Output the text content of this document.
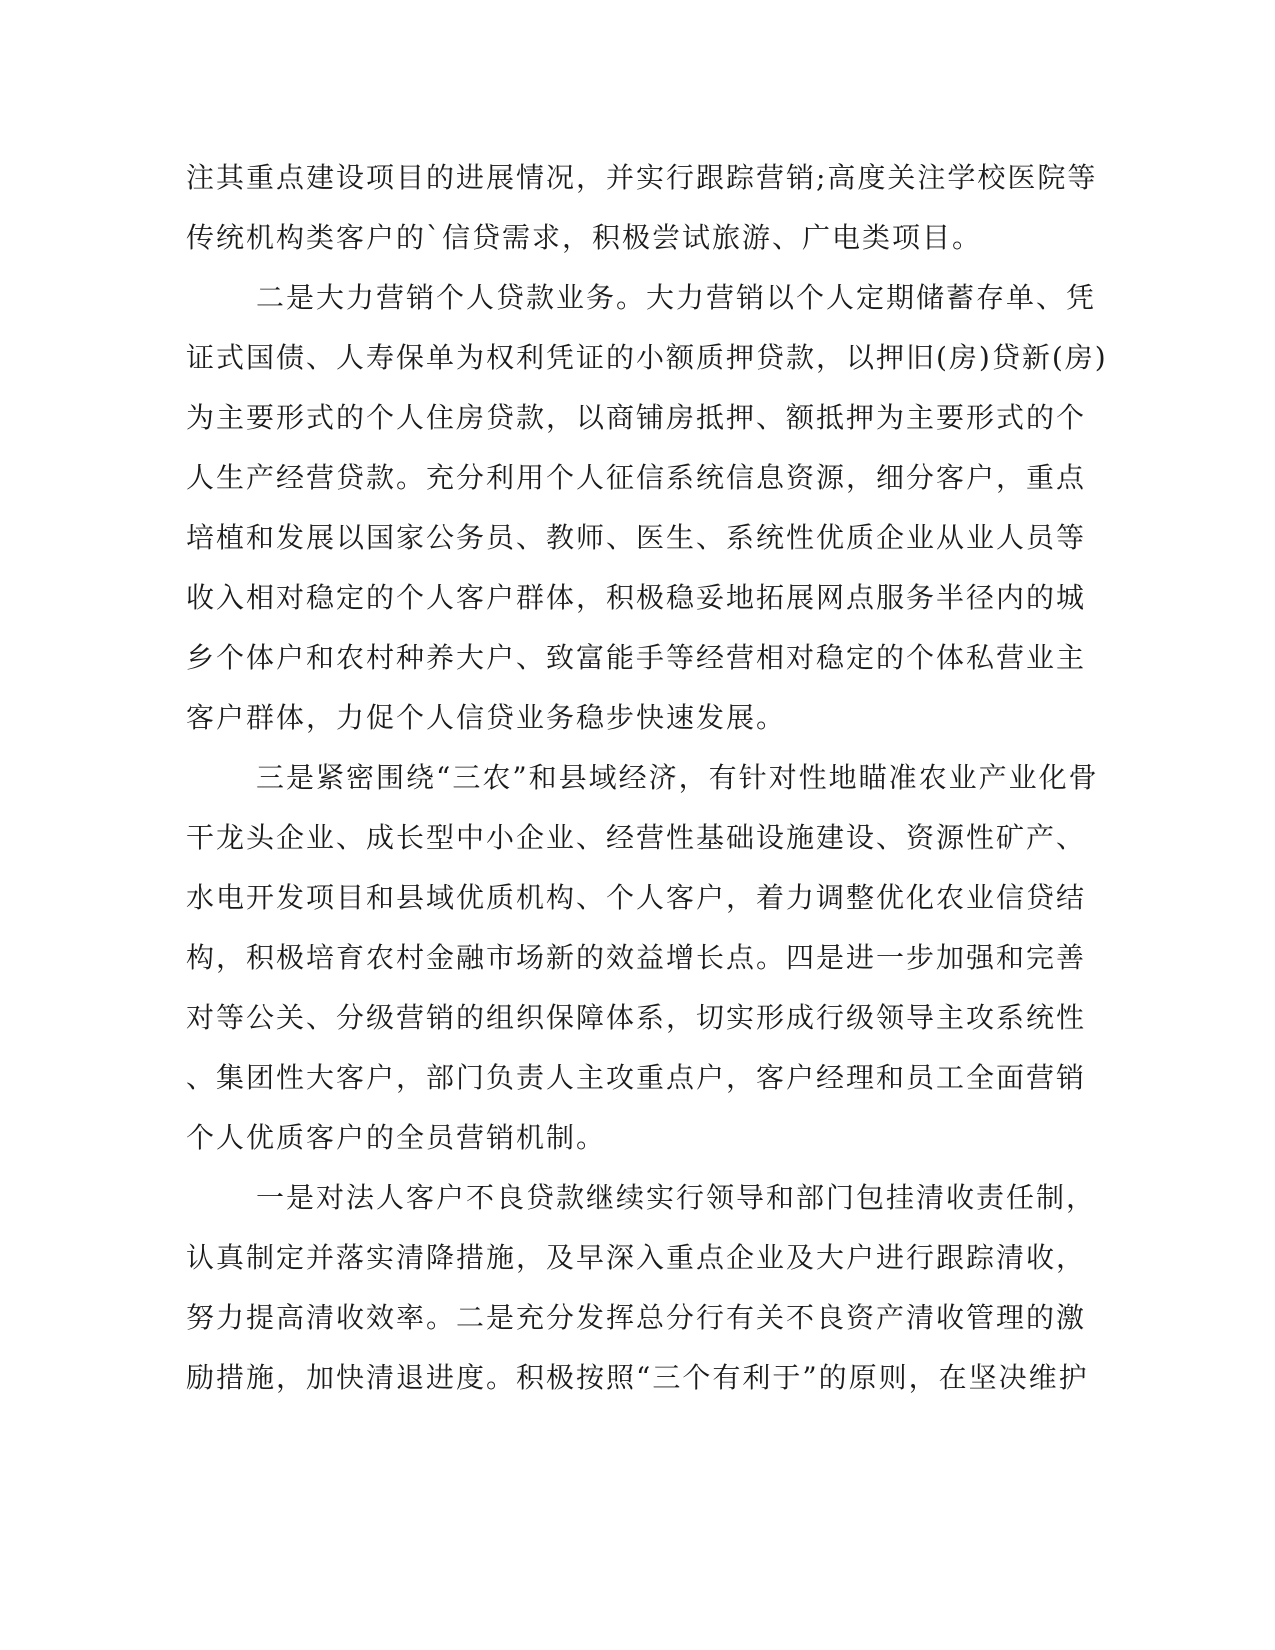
注其重点建设项目的进展情况，并实行跟踪营销;高度关注学校医院等
传统机构类客户的`信贷需求，积极尝试旅游、广电类项目。
二是大力营销个人贷款业务。大力营销以个人定期储蓄存单、凭
证式国债、人寿保单为权利凭证的小额质押贷款，以押旧(房)贷新(房)
为主要形式的个人住房贷款，以商铺房抵押、额抵押为主要形式的个
人生产经营贷款。充分利用个人征信系统信息资源，细分客户，重点
培植和发展以国家公务员、教师、医生、系统性优质企业从业人员等
收入相对稳定的个人客户群体，积极稳妥地拓展网点服务半径内的城
乡个体户和农村种养大户、致富能手等经营相对稳定的个体私营业主
客户群体，力促个人信贷业务稳步快速发展。
三是紧密围绕“三农”和县域经济，有针对性地瞄准农业产业化骨
干龙头企业、成长型中小企业、经营性基础设施建设、资源性矿产、
水电开发项目和县域优质机构、个人客户，着力调整优化农业信贷结
构，积极培育农村金融市场新的效益增长点。四是进一步加强和完善
对等公关、分级营销的组织保障体系，切实形成行级领导主攻系统性
、集团性大客户，部门负责人主攻重点户，客户经理和员工全面营销
个人优质客户的全员营销机制。
一是对法人客户不良贷款继续实行领导和部门包挂清收责任制，
认真制定并落实清降措施，及早深入重点企业及大户进行跟踪清收，
努力提高清收效率。二是充分发挥总分行有关不良资产清收管理的激
励措施，加快清退进度。积极按照“三个有利于”的原则，在坚决维护
